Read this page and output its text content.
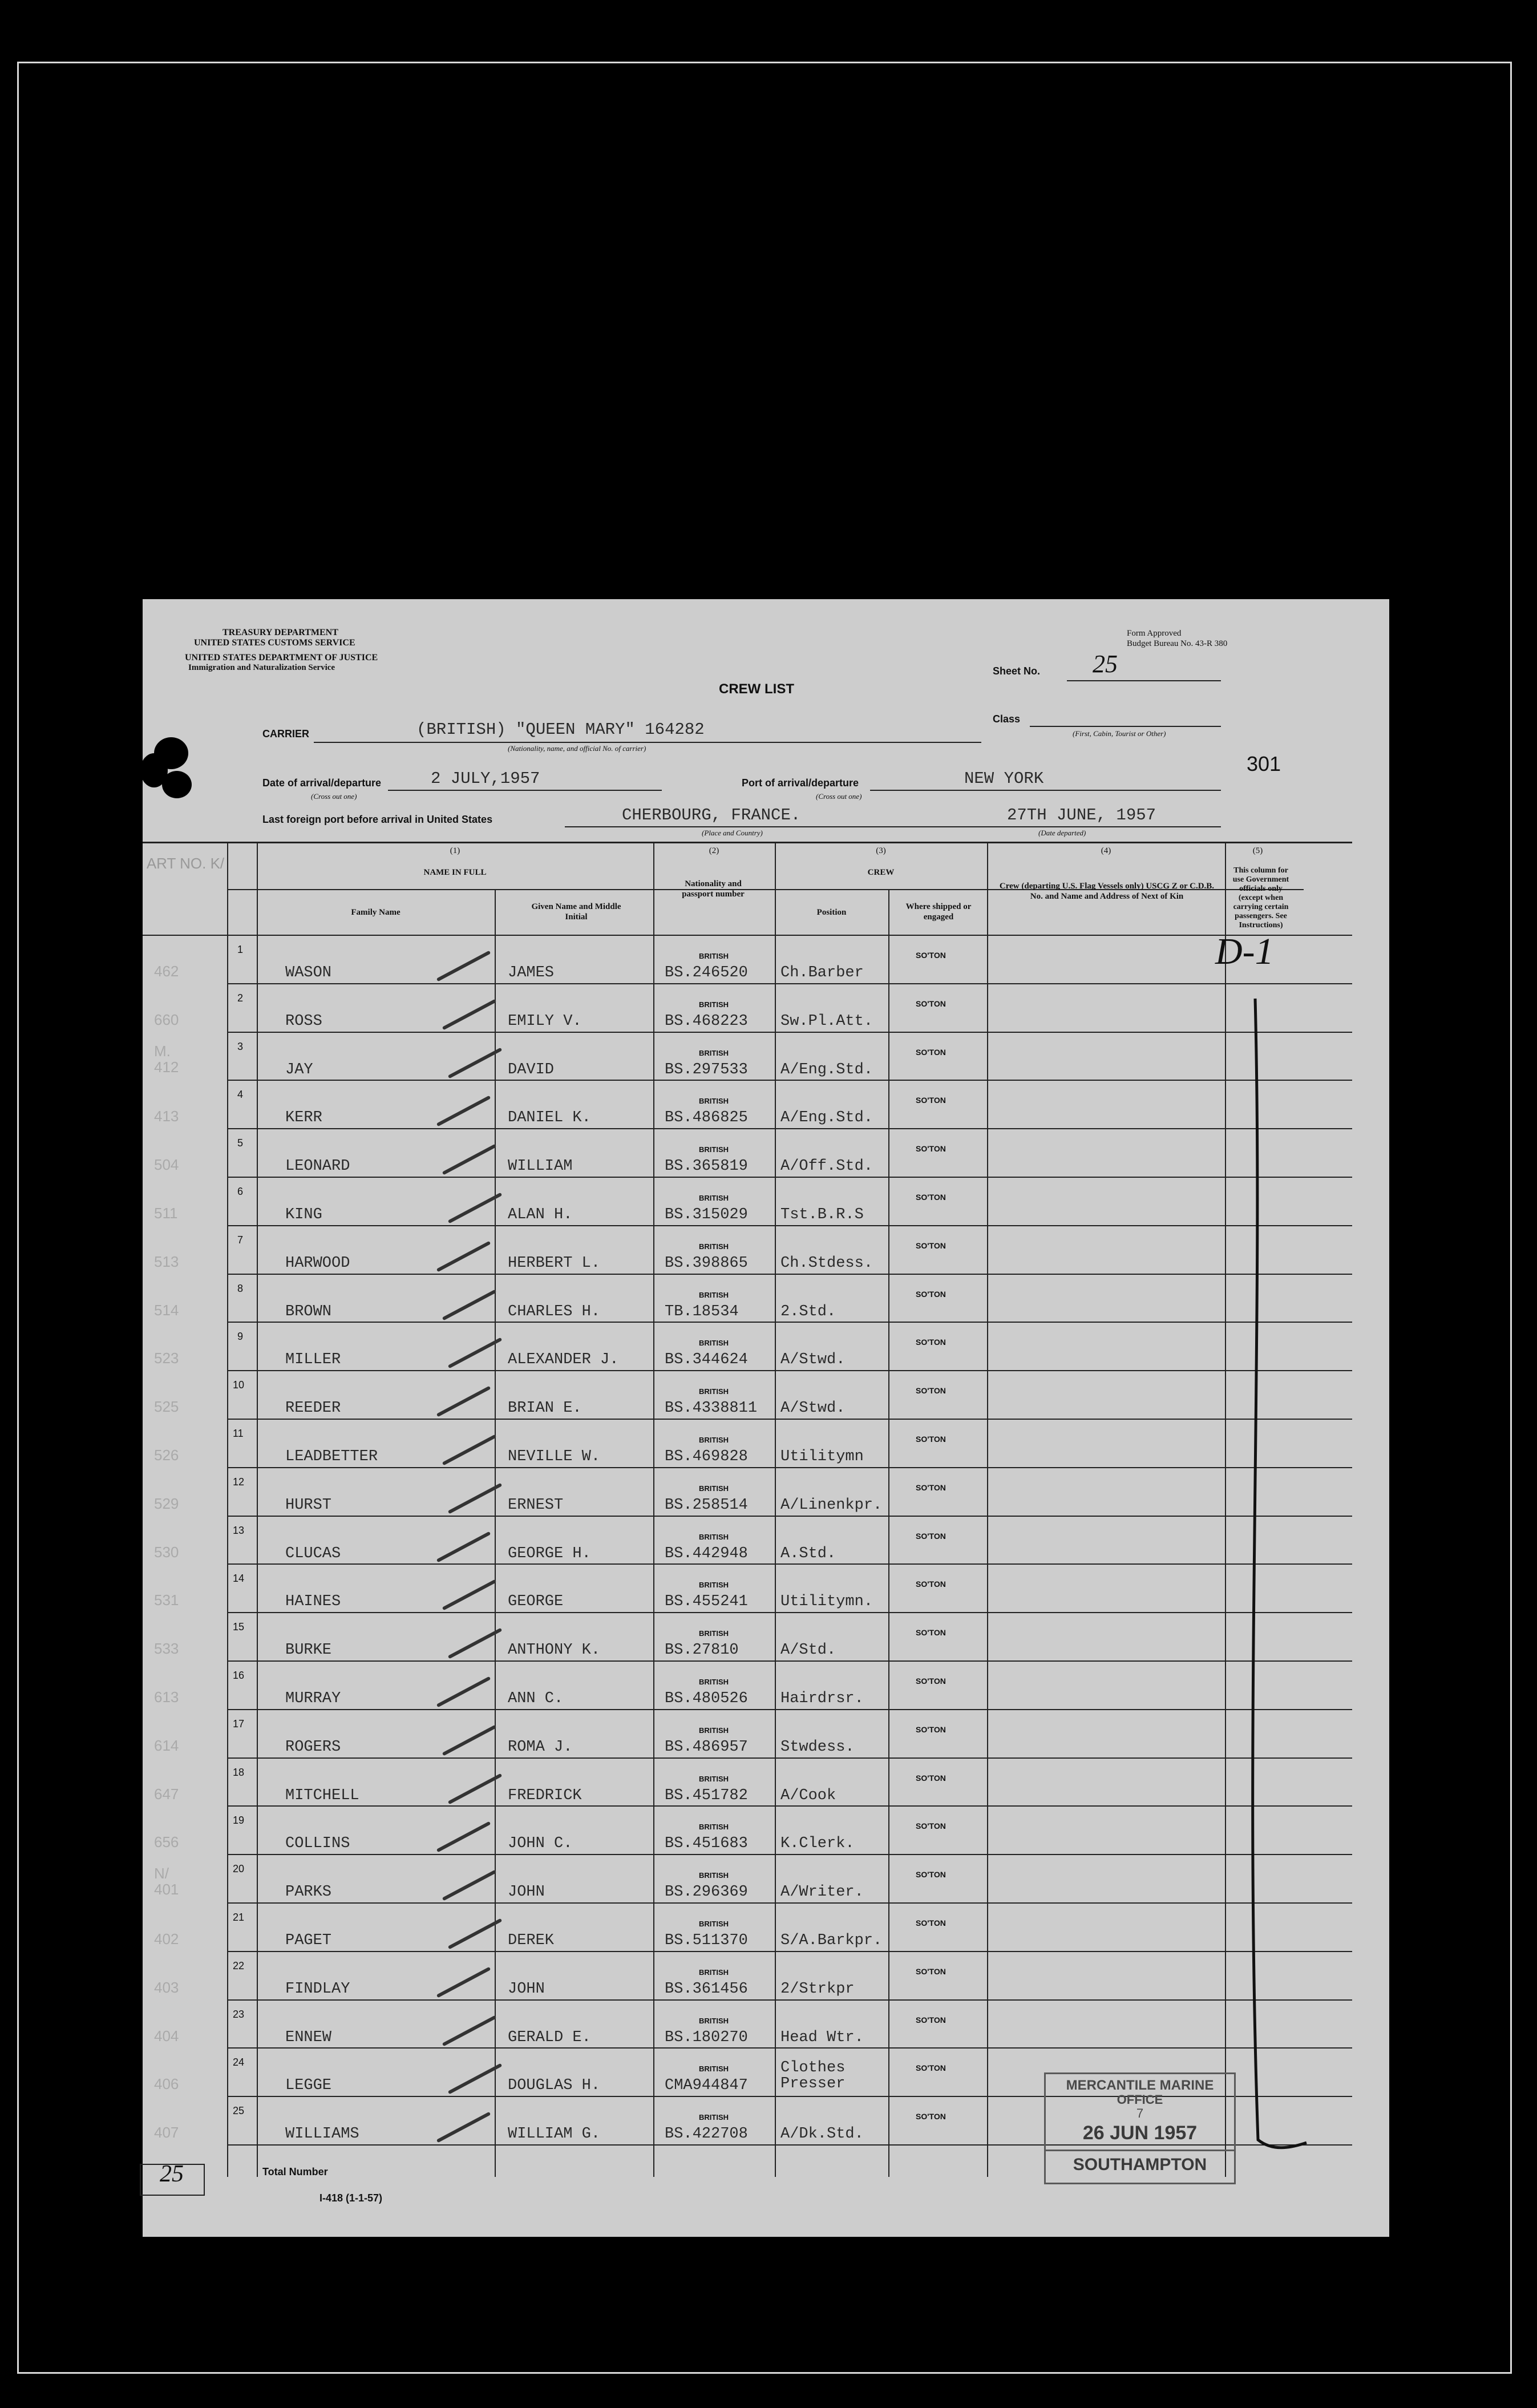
TREASURY DEPARTMENT
UNITED STATES CUSTOMS SERVICE
UNITED STATES DEPARTMENT OF JUSTICE
Immigration and Naturalization Service
Form Approved
Budget Bureau No. 43-R 380
CREW LIST
Sheet No. 25
Class
(First, Cabin, Tourist or Other)
CARRIER	(BRITISH) "QUEEN MARY" 164282
(Nationality, name, and official No. of carrier)
301
Date of arrival/departure	2 JULY,1957
(Cross out one)
Port of arrival/departure	NEW YORK
(Cross out one)
Last foreign port before arrival in United States	CHERBOURG, FRANCE.
(Place and Country)
27TH JUNE, 1957
(Date departed)
ART NO. K/
(1)
NAME IN FULL
Family Name
Given Name and Middle Initial
(2)
Nationality and passport number
(3)
CREW
Position
Where shipped or engaged
(4)
Crew (departing U.S. Flag Vessels only) USCG Z or C.D.B. No. and Name and Address of Next of Kin
(5)
This column for use Government officials only (except when carrying certain passengers. See Instructions)
462
1
WASON	JAMES
BRITISH
BS.246520 Ch.Barber
SO'TON
660
2
ROSS	EMILY V.
BRITISH
BS.468223 Sw.Pl.Att.
SO'TON
M. 412
3
JAY	DAVID
BRITISH
BS.297533 A/Eng.Std.
SO'TON
413
4
KERR	DANIEL K.
BRITISH
BS.486825 A/Eng.Std.
SO'TON
504
5
LEONARD	WILLIAM
BRITISH
BS.365819 A/Off.Std.
SO'TON
511
6
KING	ALAN H.
BRITISH
BS.315029 Tst.B.R.S
SO'TON
513
7
HARWOOD	HERBERT L.
BRITISH
BS.398865 Ch.Stdess.
SO'TON
514
8
BROWN	CHARLES H.
BRITISH
TB.18534	2.Std.
SO'TON
523
9
MILLER	ALEXANDER J.
BRITISH
BS.344624 A/Stwd.
SO'TON
525
10
REEDER	BRIAN E.
BRITISH
BS.4338811 A/Stwd.
SO'TON
526
11
LEADBETTER	NEVILLE W.
BRITISH
BS.469828 Utilitymn
SO'TON
529
12
HURST	ERNEST
BRITISH
BS.258514 A/Linenkpr.
SO'TON
530
13
CLUCAS	GEORGE H.
BRITISH
BS.442948 A.Std.
SO'TON
531
14
HAINES	GEORGE
BRITISH
BS.455241 Utilitymn.
SO'TON
533
15
BURKE	ANTHONY K.
BRITISH
BS.27810	A/Std.
SO'TON
613
16
MURRAY	ANN C.
BRITISH
BS.480526 Hairdrsr.
SO'TON
614
17
ROGERS	ROMA J.
BRITISH
BS.486957 Stwdess.
SO'TON
647
18
MITCHELL	FREDRICK
BRITISH
BS.451782 A/Cook
SO'TON
656
19
COLLINS	JOHN C.
BRITISH
BS.451683 K.Clerk.
SO'TON
N/ 401
20
PARKS	JOHN
BRITISH
BS.296369 A/Writer.
SO'TON
402
21
PAGET	DEREK
BRITISH
BS.511370 S/A.Barkpr.
SO'TON
403
22
FINDLAY	JOHN
BRITISH
BS.361456 2/Strkpr
SO'TON
404
23
ENNEW	GERALD E.
BRITISH
BS.180270 Head Wtr.
SO'TON
406
24
LEGGE	DOUGLAS H.
BRITISH
CMA944847
Clothes Presser
SO'TON
407
25
WILLIAMS	WILLIAM G.
BRITISH
BS.422708 A/Dk.Std.
SO'TON
D-1
25	Total Number
I-418 (1-1-57)
MERCANTILE MARINE
OFFICE
7
26 JUN 1957
SOUTHAMPTON
